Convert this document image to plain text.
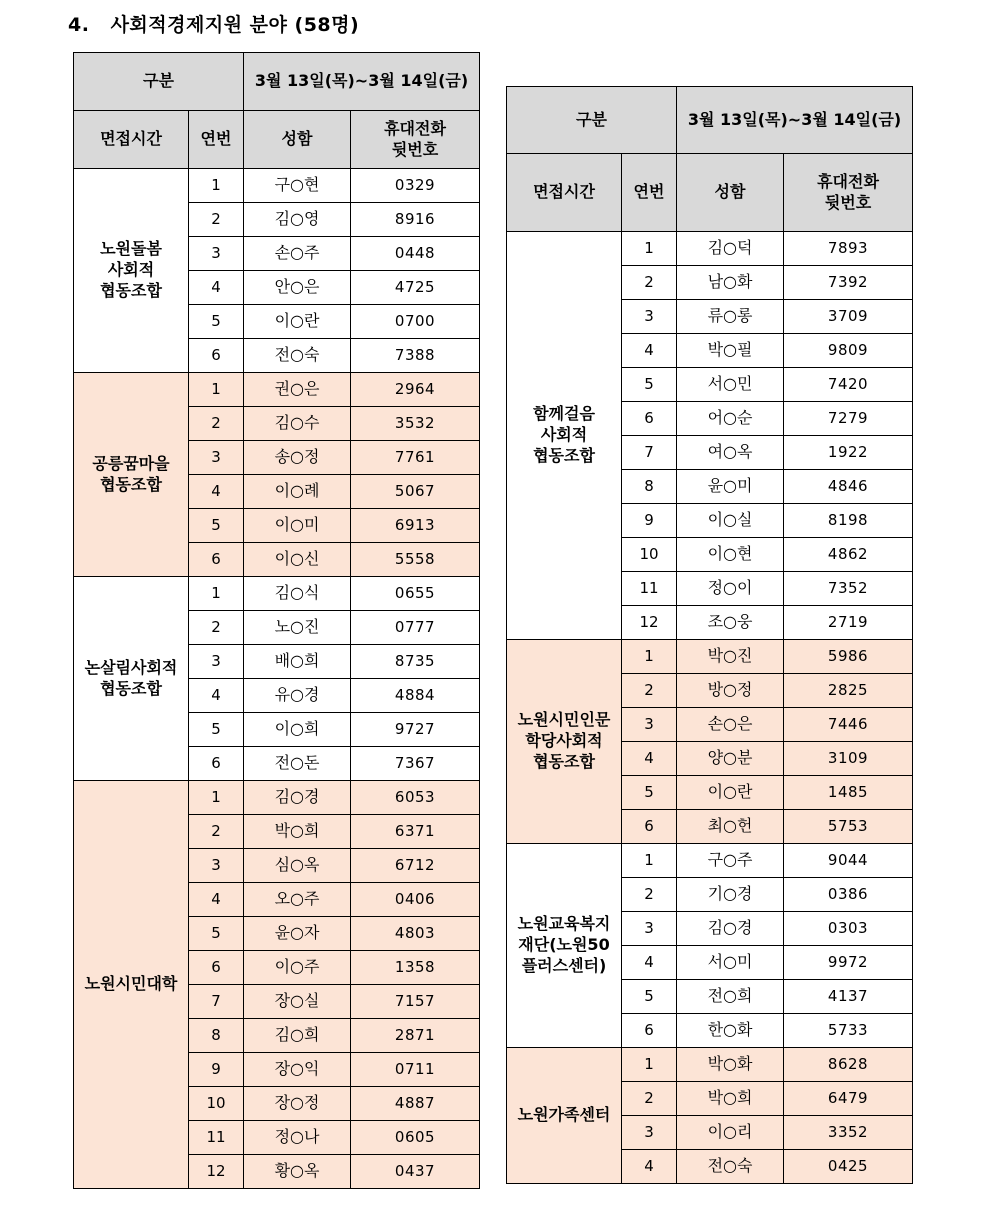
4. 사회적경제지원 분야 (58명)
구분		3월 13일(목)~3월 14일(금)	
면접시간	연번	성함	휴대전화
뒷번호
노원돌봄
사회적
협동조합	1	구○현	0329
	2	김○영	8916
	3	손○주	0448
	4	안○은	4725
	5	이○란	0700
	6	전○숙	7388
공릉꿈마을
협동조합	1	권○은	2964
	2	김○수	3532
	3	송○정	7761
	4	이○례	5067
	5	이○미	6913
	6	이○신	5558
논살림사회적
협동조합	1	김○식	0655
	2	노○진	0777
	3	배○희	8735
	4	유○경	4884
	5	이○희	9727
	6	전○돈	7367
노원시민대학	1	김○경	6053
	2	박○희	6371
	3	심○옥	6712
	4	오○주	0406
	5	윤○자	4803
	6	이○주	1358
	7	장○실	7157
	8	김○희	2871
	9	장○익	0711
	10	장○정	4887
	11	정○나	0605
	12	황○옥	0437
구분		3월 13일(목)~3월 14일(금)	
면접시간	연번	성함	휴대전화
뒷번호
함께걸음
사회적
협동조합	1	김○덕	7893
	2	남○화	7392
	3	류○롱	3709
	4	박○필	9809
	5	서○민	7420
	6	어○순	7279
	7	여○옥	1922
	8	윤○미	4846
	9	이○실	8198
	10	이○현	4862
	11	정○이	7352
	12	조○웅	2719
노원시민인문
학당사회적
협동조합	1	박○진	5986
	2	방○정	2825
	3	손○은	7446
	4	양○분	3109
	5	이○란	1485
	6	최○헌	5753
노원교육복지
재단(노원50
플러스센터)	1	구○주	9044
	2	기○경	0386
	3	김○경	0303
	4	서○미	9972
	5	전○희	4137
	6	한○화	5733
노원가족센터	1	박○화	8628
	2	박○희	6479
	3	이○리	3352
	4	전○숙	0425
